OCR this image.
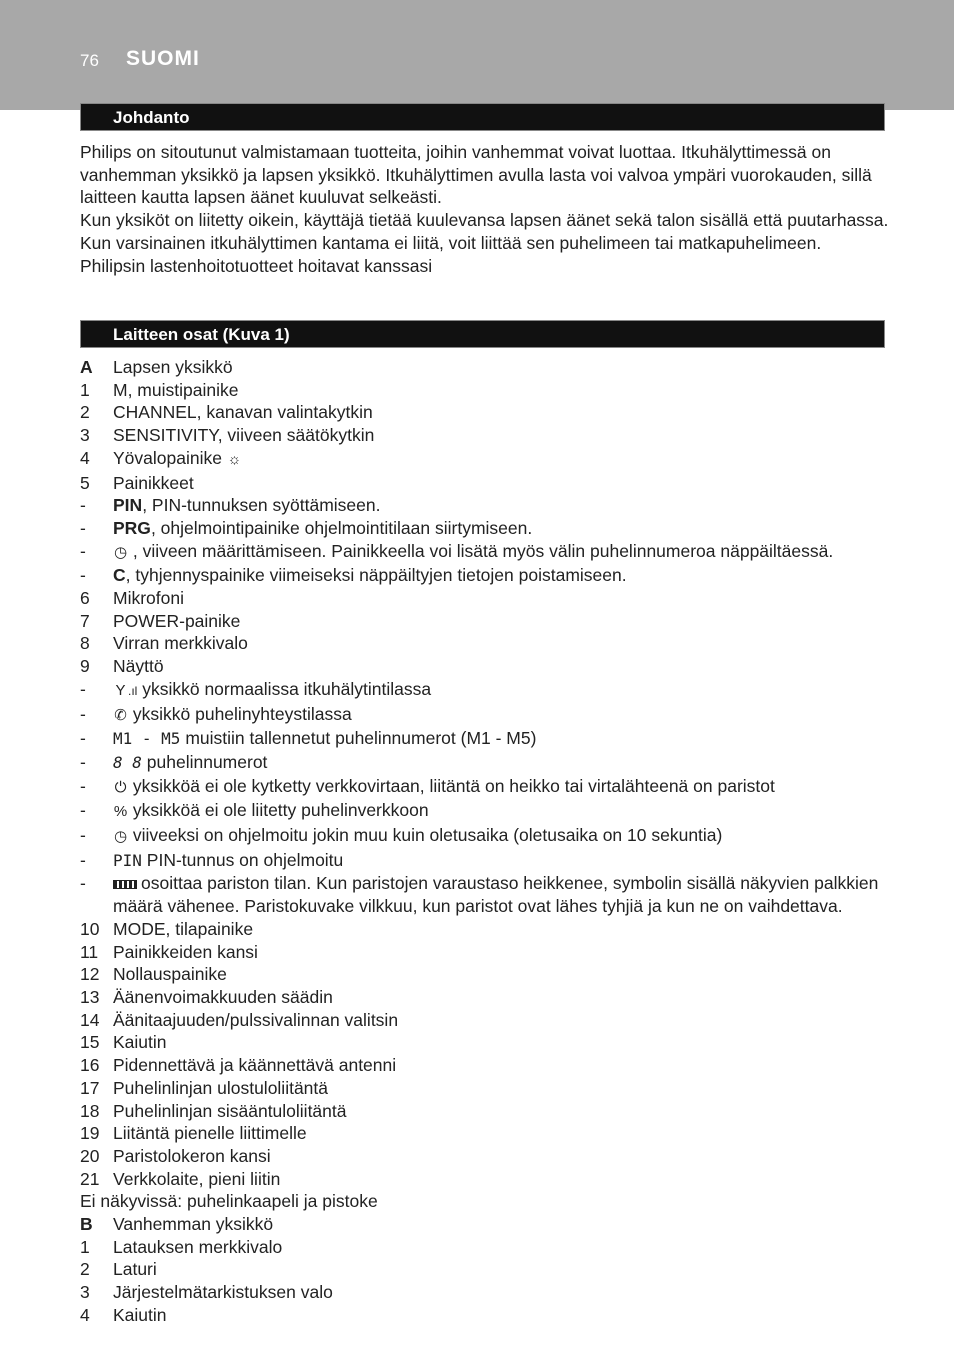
76 SUOMI
Johdanto

Philips on sitoutunut valmistamaan tuotteita, joihin vanhemmat voivat luottaa. Itkuhälyttimessä on vanhemman yksikkö ja lapsen yksikkö. Itkuhälyttimen avulla lasta voi valvoa ympäri vuorokauden, sillä laitteen kautta lapsen äänet kuuluvat selkeästi.

Kun yksiköt on liitetty oikein, käyttäjä tietää kuulevansa lapsen äänet sekä talon sisällä että puutarhassa. Kun varsinainen itkuhälyttimen kantama ei liitä, voit liittää sen puhelimeen tai matkapuhelimeen.

Philipsin lastenhoitotuotteet hoitavat kanssasi

Laitteen osat (Kuva 1)
A	Lapsen yksikkö
1	M, muistipainike
2	CHANNEL, kanavan valintakytkin
3	SENSITIVITY, viiveen säätökytkin
4	Yövalopainike ☼
5	Painikkeet
-	PIN, PIN-tunnuksen syöttämiseen.
-	PRG, ohjelmointipainike ohjelmointitilaan siirtymiseen.
-	◷ , viiveen määrittämiseen. Painikkeella voi lisätä myös välin puhelinnumeroa näppäiltäessä.
-	C, tyhjennyspainike viimeiseksi näppäiltyjen tietojen poistamiseen.
6	Mikrofoni
7	POWER-painike
8	Virran merkkivalo
9	Näyttö
-	Y .ıl yksikkö normaalissa itkuhälytintilassa
-	✆ yksikkö puhelinyhteystilassa
-	M1 - M5 muistiin tallennetut puhelinnumerot (M1 - M5)
-	8 8 puhelinnumerot
-	⏻ yksikköä ei ole kytketty verkkovirtaan, liitäntä on heikko tai virtalähteenä on paristot
-	% yksikköä ei ole liitetty puhelinverkkoon
-	◷ viiveeksi on ohjelmoitu jokin muu kuin oletusaika (oletusaika on 10 sekuntia)
-	PIN PIN-tunnus on ohjelmoitu
-	osoittaa pariston tilan. Kun paristojen varaustaso heikkenee, symbolin sisällä näkyvien palkkien määrä vähenee. Paristokuvake vilkkuu, kun paristot ovat lähes tyhjiä ja kun ne on vaihdettava.
10 MODE, tilapainike
11 Painikkeiden kansi
12 Nollauspainike
13 Äänenvoimakkuuden säädin
14 Äänitaajuuden/pulssivalinnan valitsin
15 Kaiutin
16 Pidennettävä ja käännettävä antenni
17 Puhelinlinjan ulostuloliitäntä
18 Puhelinlinjan sisääntuloliitäntä
19 Liitäntä pienelle liittimelle
20 Paristolokeron kansi
21 Verkkolaite, pieni liitin
Ei näkyvissä: puhelinkaapeli ja pistoke
B	Vanhemman yksikkö
1	Latauksen merkkivalo
2	Laturi
3	Järjestelmätarkistuksen valo
4	Kaiutin
